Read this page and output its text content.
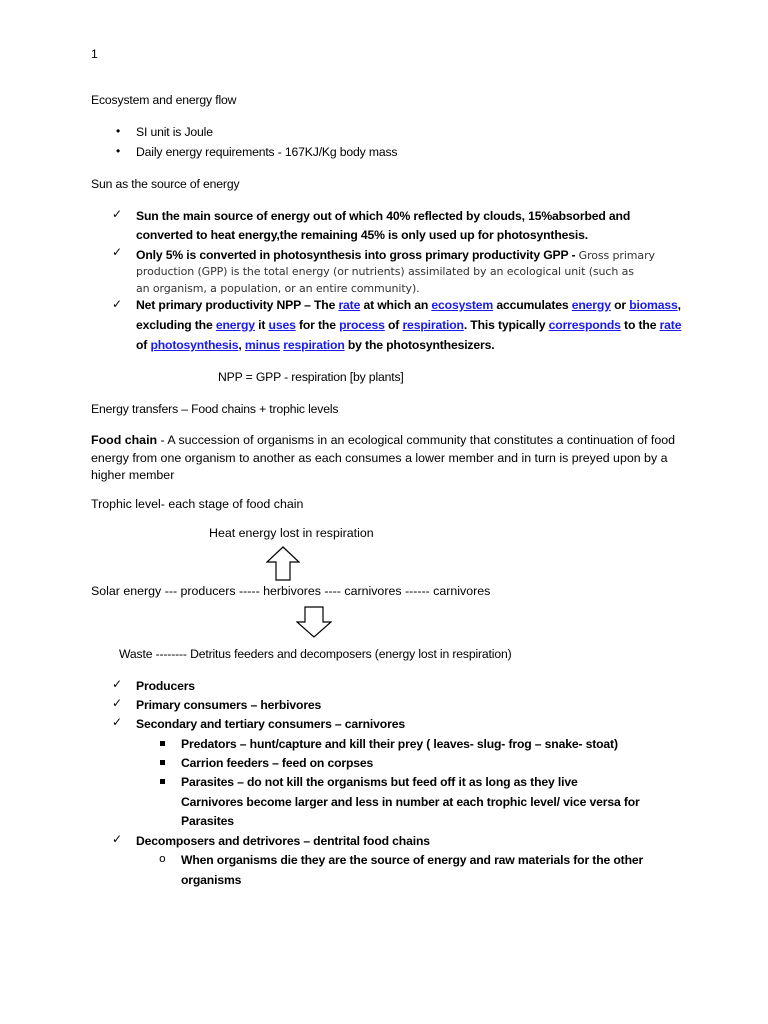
1
Ecosystem and energy flow
• SI unit is Joule
• Daily energy requirements - 167KJ/Kg body mass
Sun as the source of energy
✓ Sun the main source of energy out of which 40% reflected by clouds, 15%absorbed and
converted to heat energy,the remaining 45% is only used up for photosynthesis.
✓ Only 5% is converted in photosynthesis into gross primary productivity GPP - Gross primary
production (GPP) is the total energy (or nutrients) assimilated by an ecological unit (such as
an organism, a population, or an entire community).
✓ Net primary productivity NPP – The rate at which an ecosystem accumulates energy or biomass,
excluding the energy it uses for the process of respiration. This typically corresponds to the rate
of photosynthesis, minus respiration by the photosynthesizers.
NPP = GPP - respiration [by plants]
Energy transfers – Food chains + trophic levels
Food chain - A succession of organisms in an ecological community that constitutes a continuation of food
energy from one organism to another as each consumes a lower member and in turn is preyed upon by a
higher member
Trophic level- each stage of food chain
Heat energy lost in respiration
Solar energy --- producers ----- herbivores ---- carnivores ------ carnivores
Waste -------- Detritus feeders and decomposers (energy lost in respiration)
✓ Producers
✓ Primary consumers – herbivores
✓ Secondary and tertiary consumers – carnivores
Predators – hunt/capture and kill their prey ( leaves- slug- frog – snake- stoat)
Carrion feeders – feed on corpses
Parasites – do not kill the organisms but feed off it as long as they live
Carnivores become larger and less in number at each trophic level/ vice versa for
Parasites
✓ Decomposers and detrivores – dentrital food chains
o When organisms die they are the source of energy and raw materials for the other
organisms
